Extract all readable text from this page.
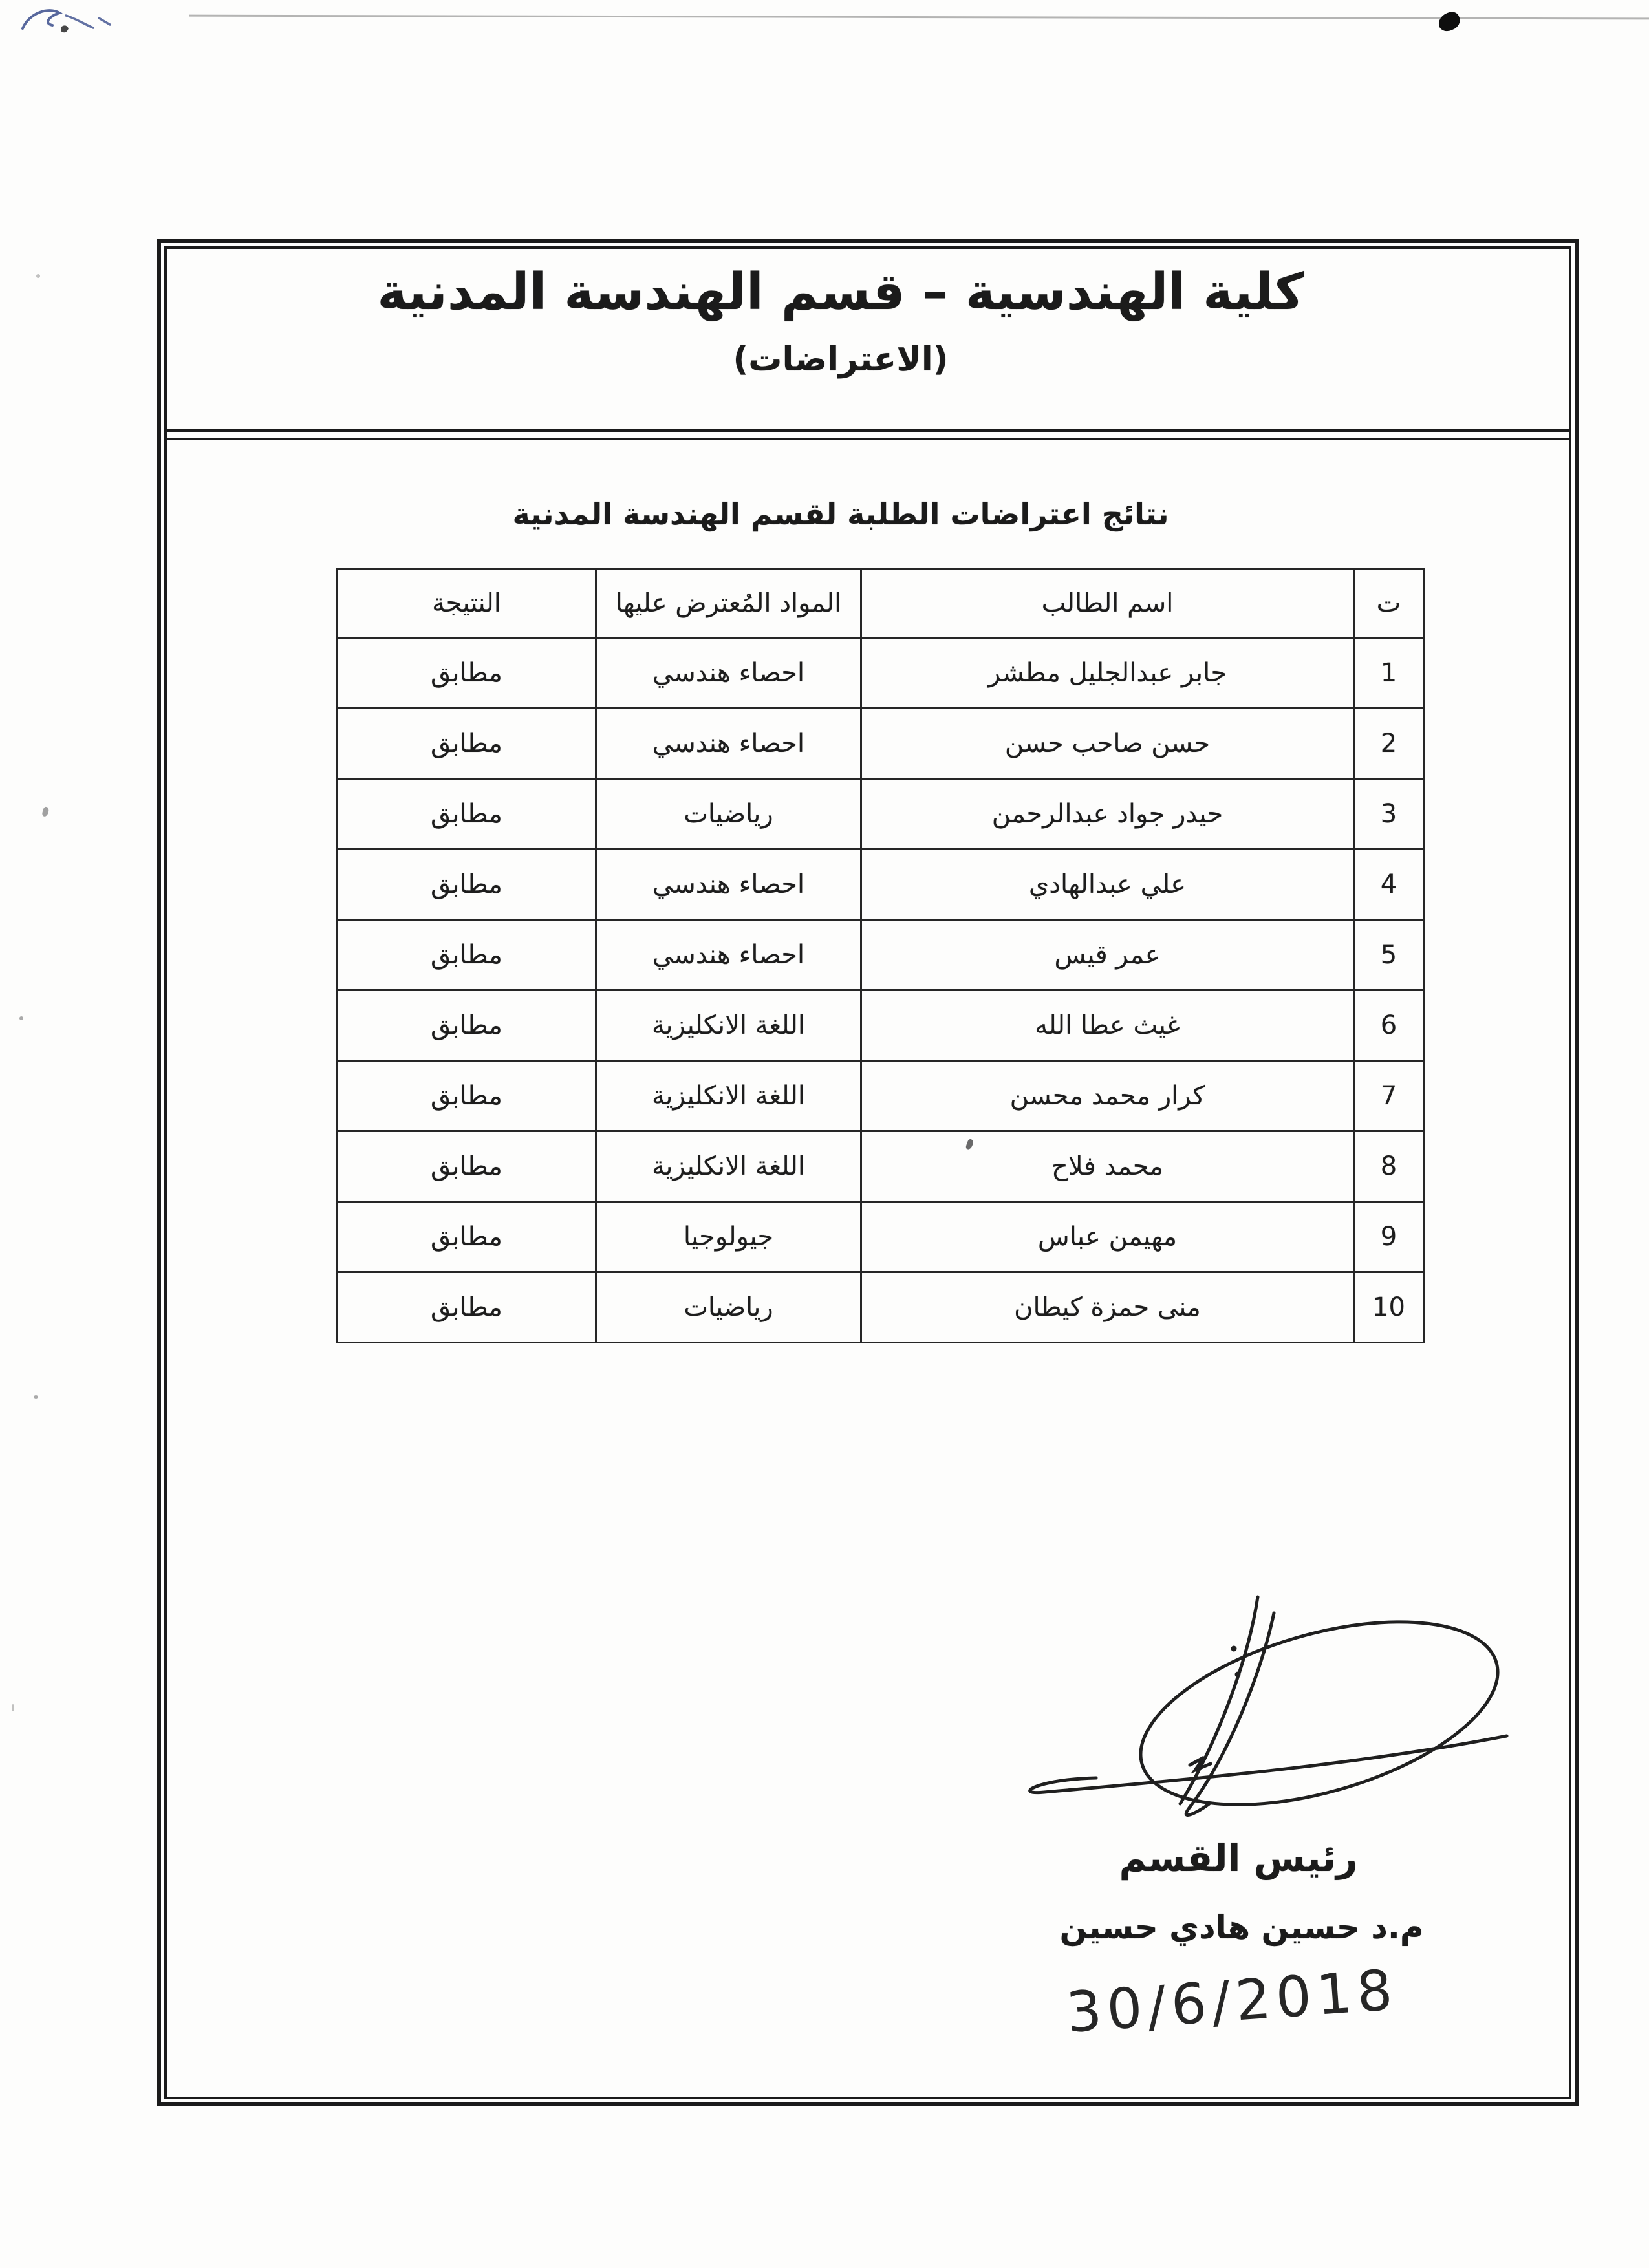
كلية الهندسية – قسم الهندسة المدنية
(الاعتراضات)
نتائج اعتراضات الطلبة لقسم الهندسة المدنية
ت	اسم الطالب	المواد المُعترض عليها	النتيجة
1	جابر عبدالجليل مطشر	احصاء هندسي	مطابق
2	حسن صاحب حسن	احصاء هندسي	مطابق
3	حيدر جواد عبدالرحمن	رياضيات	مطابق
4	علي عبدالهادي	احصاء هندسي	مطابق
5	عمر قيس	احصاء هندسي	مطابق
6	غيث عطا الله	اللغة الانكليزية	مطابق
7	كرار محمد محسن	اللغة الانكليزية	مطابق
8	محمد فلاح	اللغة الانكليزية	مطابق
9	مهيمن عباس	جيولوجيا	مطابق
10	منى حمزة كيطان	رياضيات	مطابق
رئيس القسم
م.د حسين هادي حسين
30/6/2018
